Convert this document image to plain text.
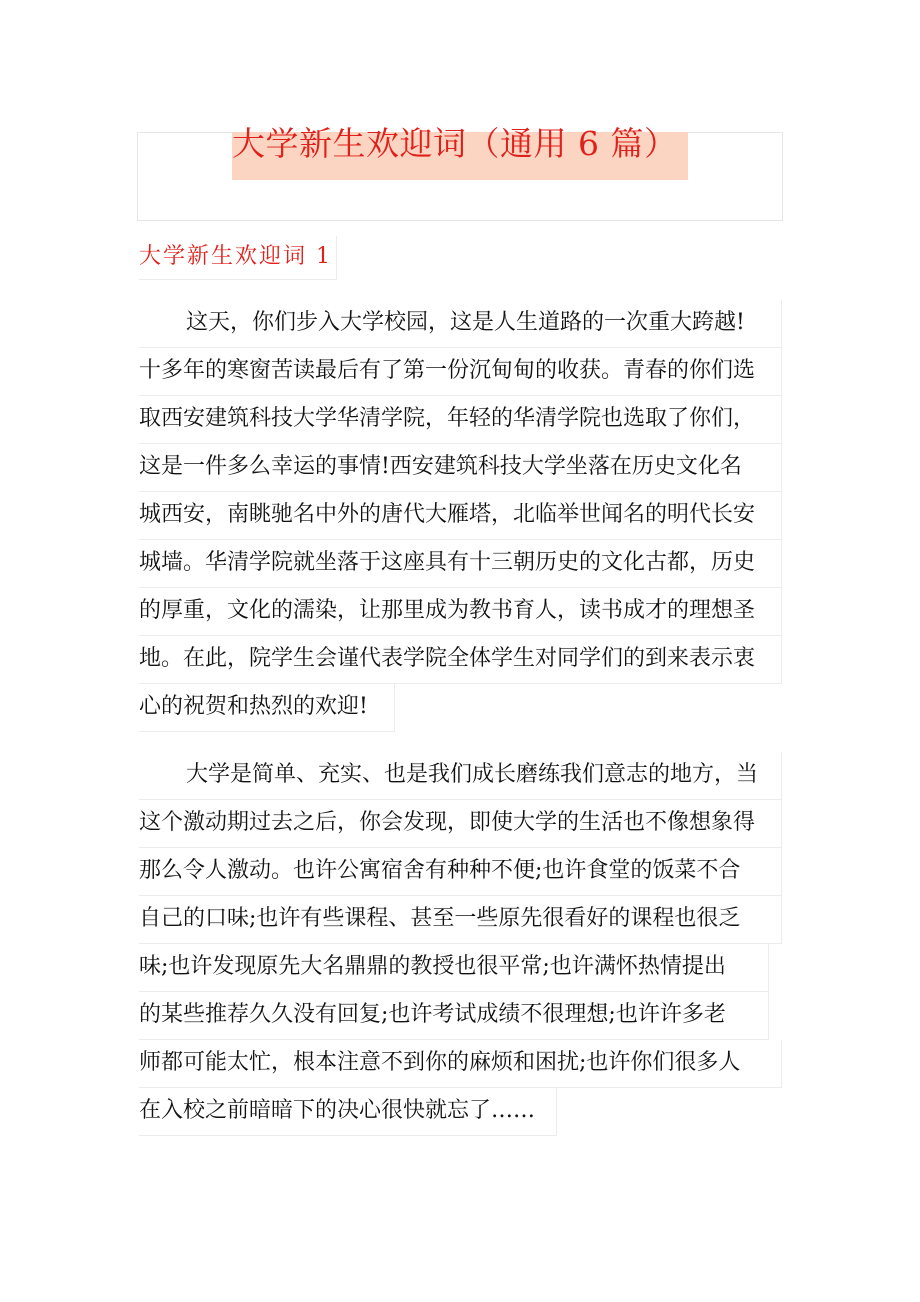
大学新生欢迎词（通用 6 篇）
大学新生欢迎词 1
这天，你们步入大学校园，这是人生道路的一次重大跨越!
十多年的寒窗苦读最后有了第一份沉甸甸的收获。青春的你们选
取西安建筑科技大学华清学院，年轻的华清学院也选取了你们，
这是一件多么幸运的事情!西安建筑科技大学坐落在历史文化名
城西安，南眺驰名中外的唐代大雁塔，北临举世闻名的明代长安
城墙。华清学院就坐落于这座具有十三朝历史的文化古都，历史
的厚重，文化的濡染，让那里成为教书育人，读书成才的理想圣
地。在此，院学生会谨代表学院全体学生对同学们的到来表示衷
心的祝贺和热烈的欢迎!
大学是简单、充实、也是我们成长磨练我们意志的地方，当
这个激动期过去之后，你会发现，即使大学的生活也不像想象得
那么令人激动。也许公寓宿舍有种种不便;也许食堂的饭菜不合
自己的口味;也许有些课程、甚至一些原先很看好的课程也很乏
味;也许发现原先大名鼎鼎的教授也很平常;也许满怀热情提出
的某些推荐久久没有回复;也许考试成绩不很理想;也许许多老
师都可能太忙，根本注意不到你的麻烦和困扰;也许你们很多人
在入校之前暗暗下的决心很快就忘了……
